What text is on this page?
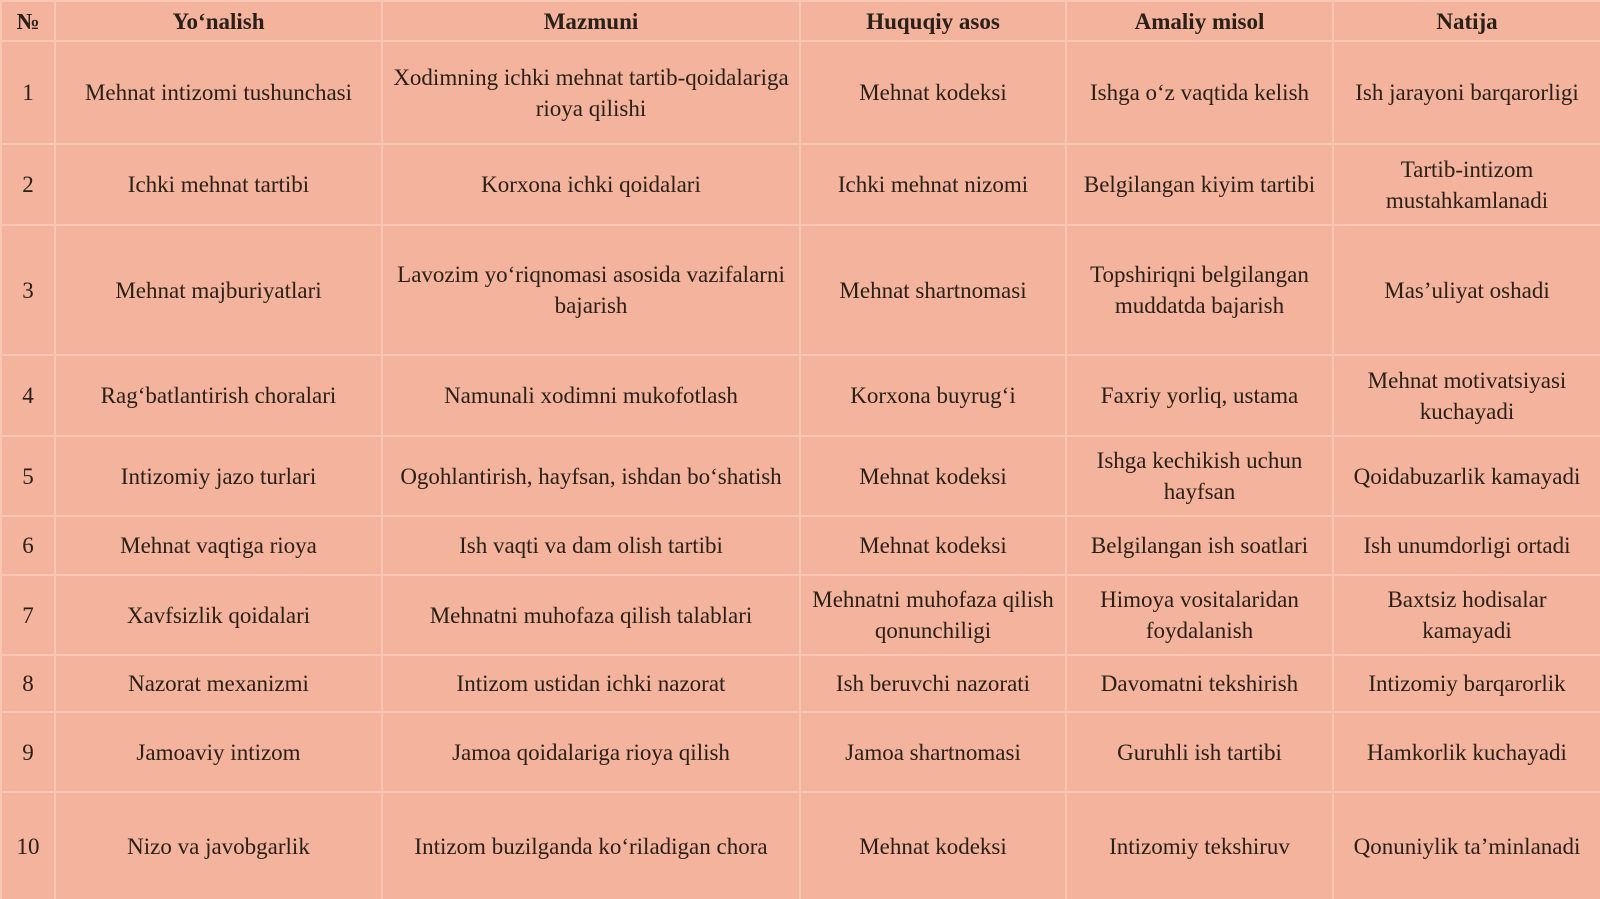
№	Yo‘nalish	Mazmuni	Huquqiy asos	Amaliy misol	Natija
1	Mehnat intizomi tushunchasi	Xodimning ichki mehnat tartib-qoidalariga rioya qilishi	Mehnat kodeksi	Ishga o‘z vaqtida kelish	Ish jarayoni barqarorligi
2	Ichki mehnat tartibi	Korxona ichki qoidalari	Ichki mehnat nizomi	Belgilangan kiyim tartibi	Tartib-intizom mustahkamlanadi
3	Mehnat majburiyatlari	Lavozim yo‘riqnomasi asosida vazifalarni bajarish	Mehnat shartnomasi	Topshiriqni belgilangan muddatda bajarish	Mas’uliyat oshadi
4	Rag‘batlantirish choralari	Namunali xodimni mukofotlash	Korxona buyrug‘i	Faxriy yorliq, ustama	Mehnat motivatsiyasi kuchayadi
5	Intizomiy jazo turlari	Ogohlantirish, hayfsan, ishdan bo‘shatish	Mehnat kodeksi	Ishga kechikish uchun hayfsan	Qoidabuzarlik kamayadi
6	Mehnat vaqtiga rioya	Ish vaqti va dam olish tartibi	Mehnat kodeksi	Belgilangan ish soatlari	Ish unumdorligi ortadi
7	Xavfsizlik qoidalari	Mehnatni muhofaza qilish talablari	Mehnatni muhofaza qilish qonunchiligi	Himoya vositalaridan foydalanish	Baxtsiz hodisalar kamayadi
8	Nazorat mexanizmi	Intizom ustidan ichki nazorat	Ish beruvchi nazorati	Davomatni tekshirish	Intizomiy barqarorlik
9	Jamoaviy intizom	Jamoa qoidalariga rioya qilish	Jamoa shartnomasi	Guruhli ish tartibi	Hamkorlik kuchayadi
10	Nizo va javobgarlik	Intizom buzilganda ko‘riladigan chora	Mehnat kodeksi	Intizomiy tekshiruv	Qonuniylik ta’minlanadi
